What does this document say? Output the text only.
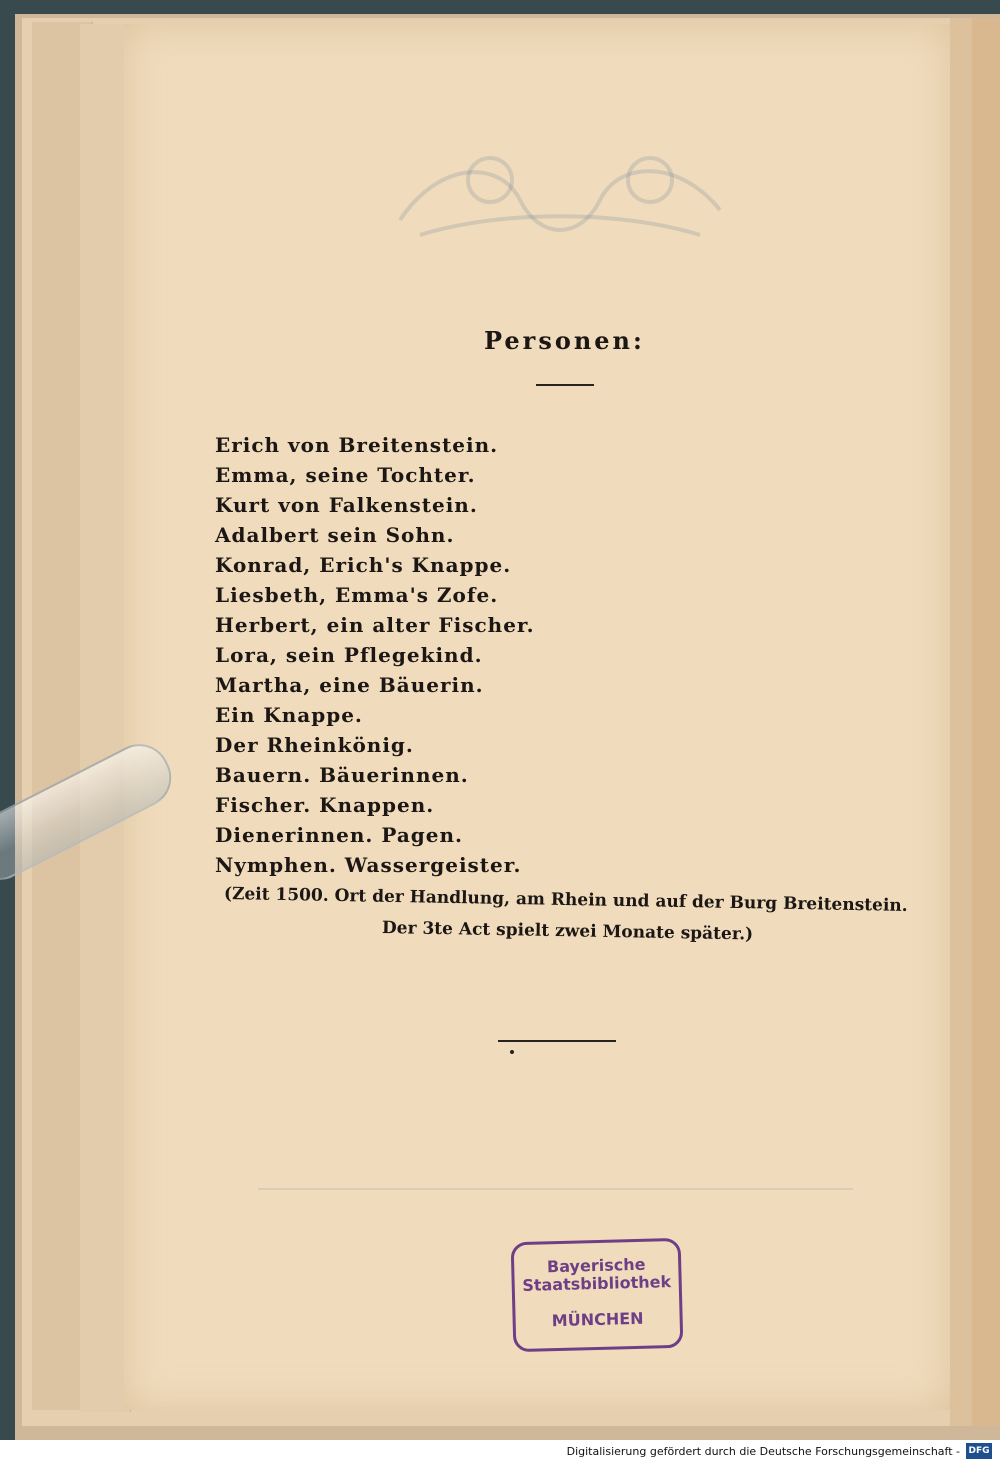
Personen:
Erich von Breitenstein.
Emma, seine Tochter.
Kurt von Falkenstein.
Adalbert sein Sohn.
Konrad, Erich's Knappe.
Liesbeth, Emma's Zofe.
Herbert, ein alter Fischer.
Lora, sein Pflegekind.
Martha, eine Bäuerin.
Ein Knappe.
Der Rheinkönig.
Bauern. Bäuerinnen.
Fischer. Knappen.
Dienerinnen. Pagen.
Nymphen. Wassergeister.
(Zeit 1500. Ort der Handlung, am Rhein und auf der Burg Breitenstein.
Der 3te Act spielt zwei Monate später.)
Bayerische
Staatsbibliothek
MÜNCHEN
Digitalisierung gefördert durch die Deutsche Forschungsgemeinschaft - DFG
